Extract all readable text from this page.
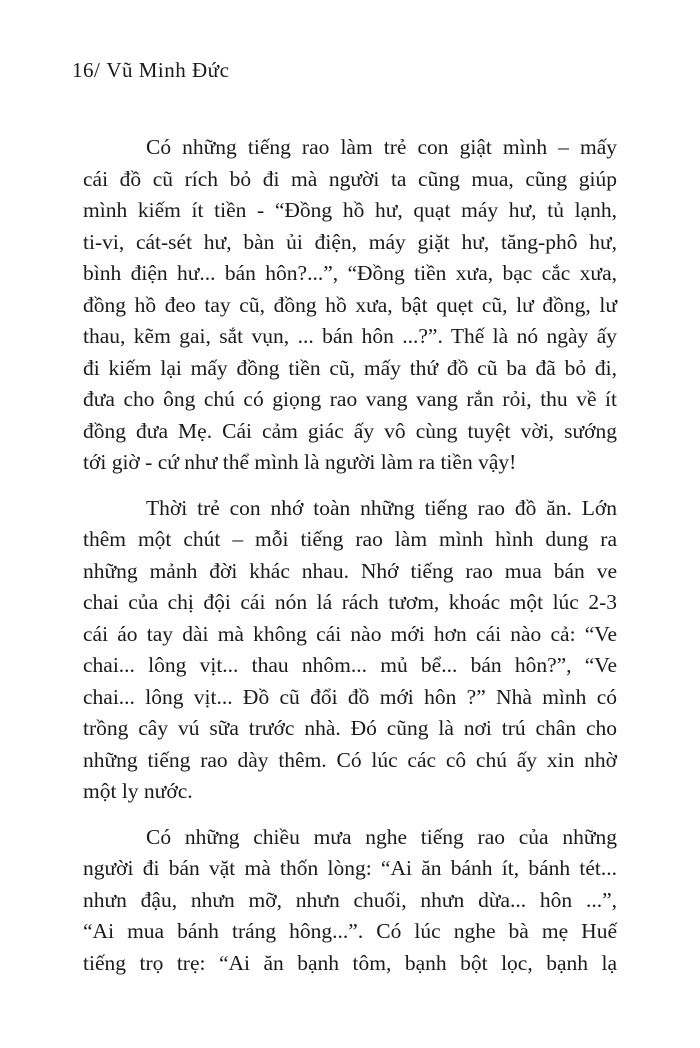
16/ Vũ Minh Đức
Có những tiếng rao làm trẻ con giật mình – mấy
cái đồ cũ rích bỏ đi mà người ta cũng mua, cũng giúp
mình kiếm ít tiền - “Đồng hồ hư, quạt máy hư, tủ lạnh,
ti-vi, cát-sét hư, bàn ủi điện, máy giặt hư, tăng-phô hư,
bình điện hư... bán hôn?...”, “Đồng tiền xưa, bạc cắc xưa,
đồng hồ đeo tay cũ, đồng hồ xưa, bật quẹt cũ, lư đồng, lư
thau, kẽm gai, sắt vụn, ... bán hôn ...?”. Thế là nó ngày ấy
đi kiếm lại mấy đồng tiền cũ, mấy thứ đồ cũ ba đã bỏ đi,
đưa cho ông chú có giọng rao vang vang rắn rỏi, thu về ít
đồng đưa Mẹ. Cái cảm giác ấy vô cùng tuyệt vời, sướng
tới giờ - cứ như thể mình là người làm ra tiền vậy!
Thời trẻ con nhớ toàn những tiếng rao đồ ăn. Lớn
thêm một chút – mỗi tiếng rao làm mình hình dung ra
những mảnh đời khác nhau. Nhớ tiếng rao mua bán ve
chai của chị đội cái nón lá rách tươm, khoác một lúc 2-3
cái áo tay dài mà không cái nào mới hơn cái nào cả: “Ve
chai... lông vịt... thau nhôm... mủ bể... bán hôn?”, “Ve
chai... lông vịt... Đồ cũ đổi đồ mới hôn ?” Nhà mình có
trồng cây vú sữa trước nhà. Đó cũng là nơi trú chân cho
những tiếng rao dày thêm. Có lúc các cô chú ấy xin nhờ
một ly nước.
Có những chiều mưa nghe tiếng rao của những
người đi bán vặt mà thốn lòng: “Ai ăn bánh ít, bánh tét...
nhưn đậu, nhưn mỡ, nhưn chuối, nhưn dừa... hôn ...”,
“Ai mua bánh tráng hông...”. Có lúc nghe bà mẹ Huế
tiếng trọ trẹ: “Ai ăn bạnh tôm, bạnh bột lọc, bạnh lạ
